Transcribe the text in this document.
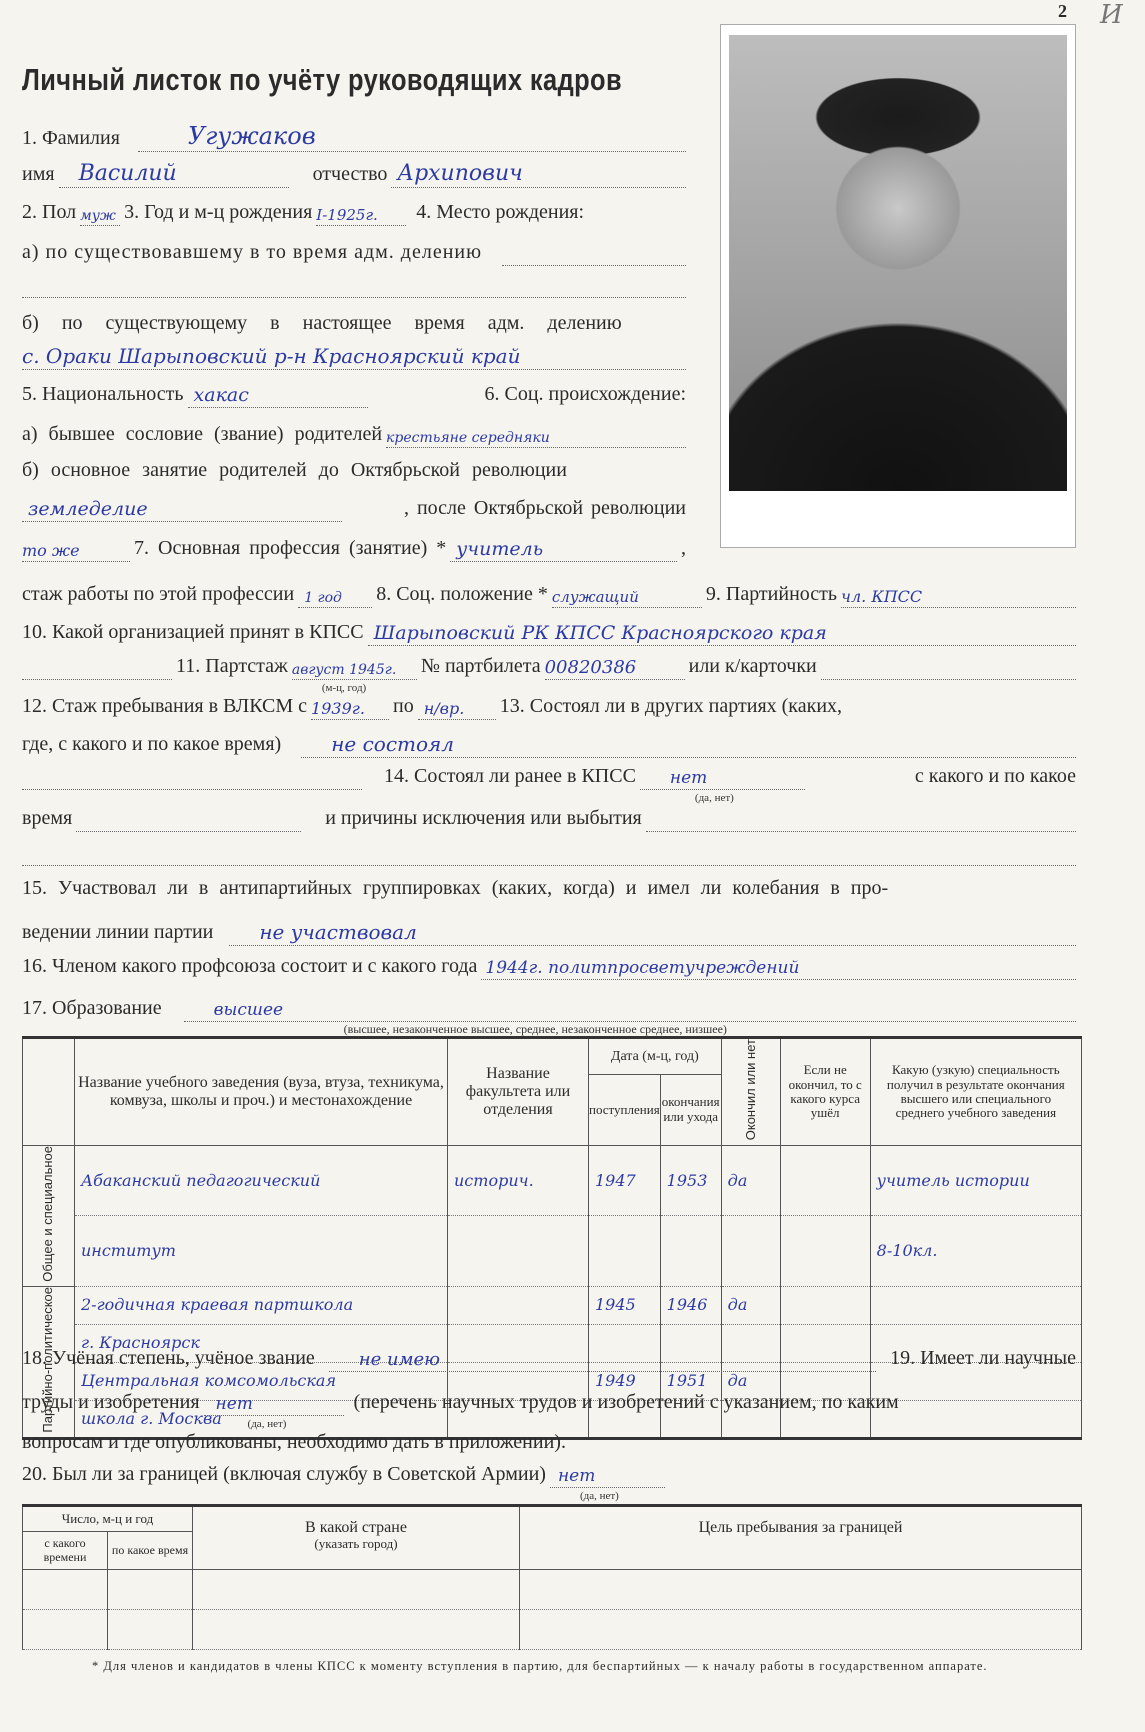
2 И
Личный листок по учёту руководящих кадров
1. Фамилия	Угужаков
имя Василий	отчество Архипович
2. Пол муж 3. Год и м-ц рождения I-1925г. 4. Место рождения:
а) по существовавшему в то время адм. делению
б) по существующему в настоящее время адм. делению
с. Ораки Шарыповский р-н Красноярский край
5. Национальность хакас	6. Соц. происхождение:
а) бывшее сословие (звание) родителей крестьяне середняки
б) основное занятие родителей до Октябрьской революции
земледелие	, после Октябрьской революции
то же	7. Основная профессия (занятие) * учитель	,
стаж работы по этой профессии 1 год 8. Соц. положение * служащий	9. Партийность чл. КПСС
10. Какой организацией принят в КПСС Шарыповский РК КПСС Красноярского края
11. Партстаж август 1945г.
(м-ц, год)
№ партбилета 00820386	или к/карточки
12. Стаж пребывания в ВЛКСМ с 1939г. по н/вр. 13. Состоял ли в других партиях (каких,
где, с какого и по какое время)	не состоял
14. Состоял ли ранее в КПСС нет
(да, нет)
с какого и по какое
время	и причины исключения или выбытия
15. Участвовал ли в антипартийных группировках (каких, когда) и имел ли колебания в про-
ведении линии партии не участвовал
16. Членом какого профсоюза состоит и с какого года 1944г. политпросветучреждений
17. Образование	высшее
(высшее, незаконченное высшее, среднее, незаконченное среднее, низшее)
	Название учебного заведения (вуза, втуза, техникума, комвуза, школы и проч.) и местонахождение	Название факультета или отделения	Дата (м-ц, год)		Окончил или нет	Если не окончил, то с какого курса ушёл	Какую (узкую) специальность получил в результате окончания высшего или специального среднего учебного заведения
			поступления	окончания или ухода			
Общее и специальное	Абаканский педагогический	историч.	1947	1953	да		учитель истории
	институт						8-10кл.
Партийно-политическое	2-годичная краевая партшкола		1945	1946	да		
	г. Красноярск						
	Центральная комсомольская		1949	1951	да		
	школа г. Москва						
18. Учёная степень, учёное звание не имею	19. Имеет ли научные
труды и изобретения нет
(да, нет)
(перечень научных трудов и изобретений с указанием, по каким
вопросам и где опубликованы, необходимо дать в приложении).
20. Был ли за границей (включая службу в Советской Армии) нет
(да, нет)
Число, м-ц и год		В какой стране
(указать город)	Цель пребывания за границей
с какого времени	по какое время		

* Для членов и кандидатов в члены КПСС к моменту вступления в партию, для беспартийных — к началу работы в государственном аппарате.
